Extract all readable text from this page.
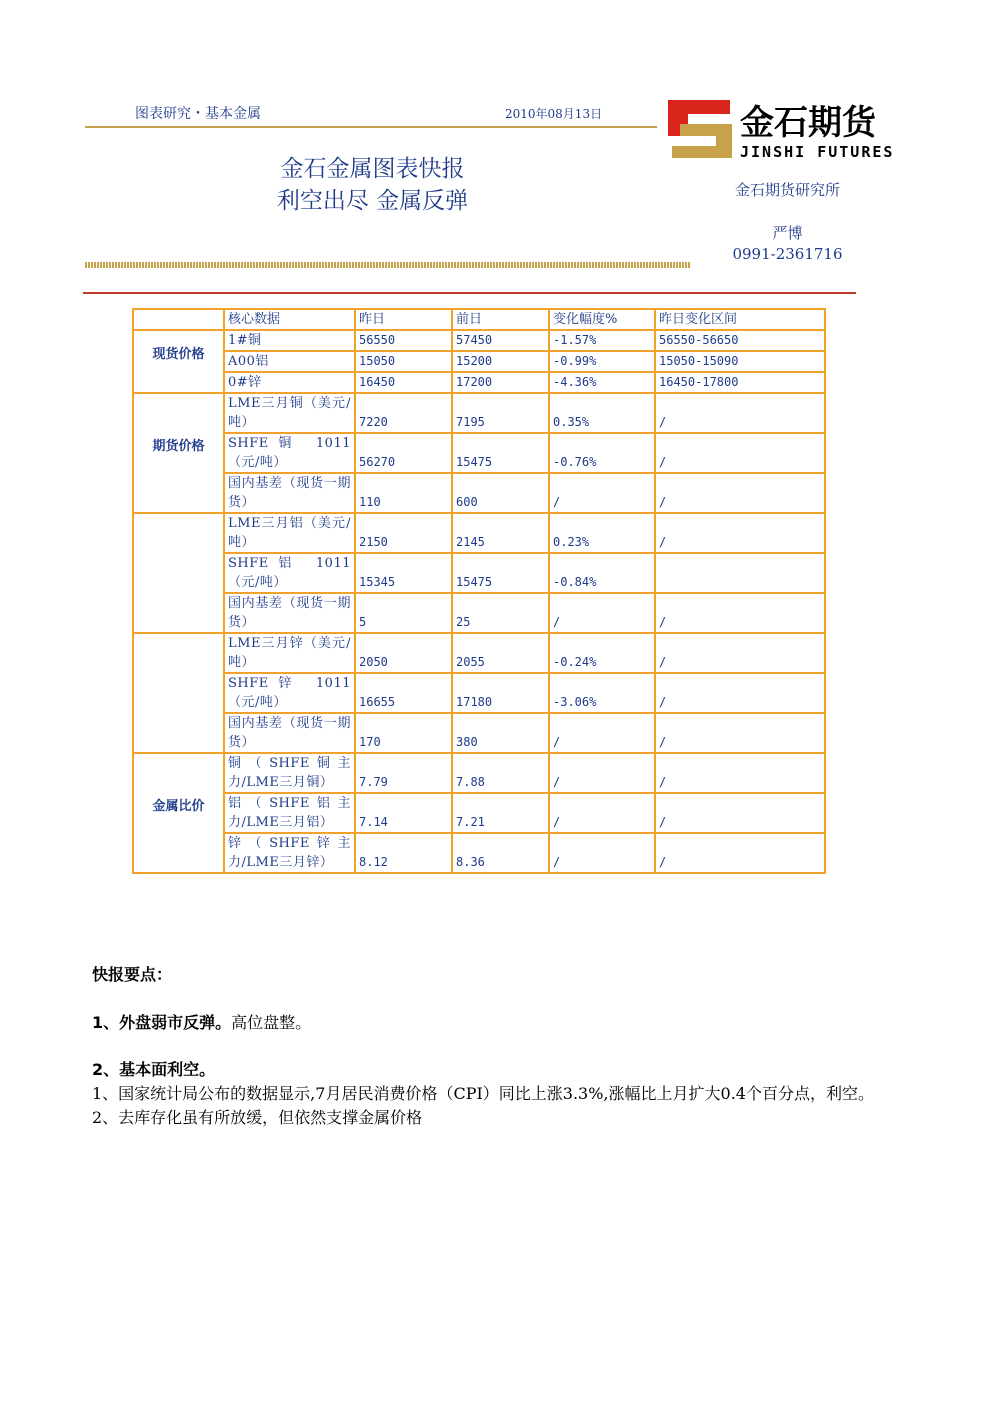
图表研究・基本金属	2010年08月13日	金石期货
JINSHI FUTURES
金石金属图表快报
利空出尽 金属反弹	金石期货研究所
严博
0991-2361716
	核心数据	昨日	前日	变化幅度%	昨日变化区间
现货价格	1#铜	56550	57450	-1.57%	56550-56650
	A00铝	15050	15200	-0.99%	15050-15090
	0#锌	16450	17200	-4.36%	16450-17800
期货价格	LME三月铜（美元/吨）	7220	7195	0.35%	/
	SHFE铜 1011 （元/吨）	56270	15475	-0.76%	/
	国内基差（现货一期货）	110	600	/	/
	LME三月铝（美元/吨）	2150	2145	0.23%	/
	SHFE铝 1011 （元/吨）	15345	15475	-0.84%	
	国内基差（现货一期货）	5	25	/	/
	LME三月锌（美元/吨）	2050	2055	-0.24%	/
	SHFE锌 1011 （元/吨）	16655	17180	-3.06%	/
	国内基差（现货一期货）	170	380	/	/
金属比价	铜（SHFE铜主力/LME三月铜）	7.79	7.88	/	/
	铝（SHFE铝主力/LME三月铝）	7.14	7.21	/	/
	锌（SHFE锌主力/LME三月锌）	8.12	8.36	/	/
快报要点：
1、外盘弱市反弹。高位盘整。
2、基本面利空。
1、国家统计局公布的数据显示,7月居民消费价格（CPI）同比上涨3.3%,涨幅比上月扩大0.4个百分点，利空。
2、去库存化虽有所放缓，但依然支撑金属价格
